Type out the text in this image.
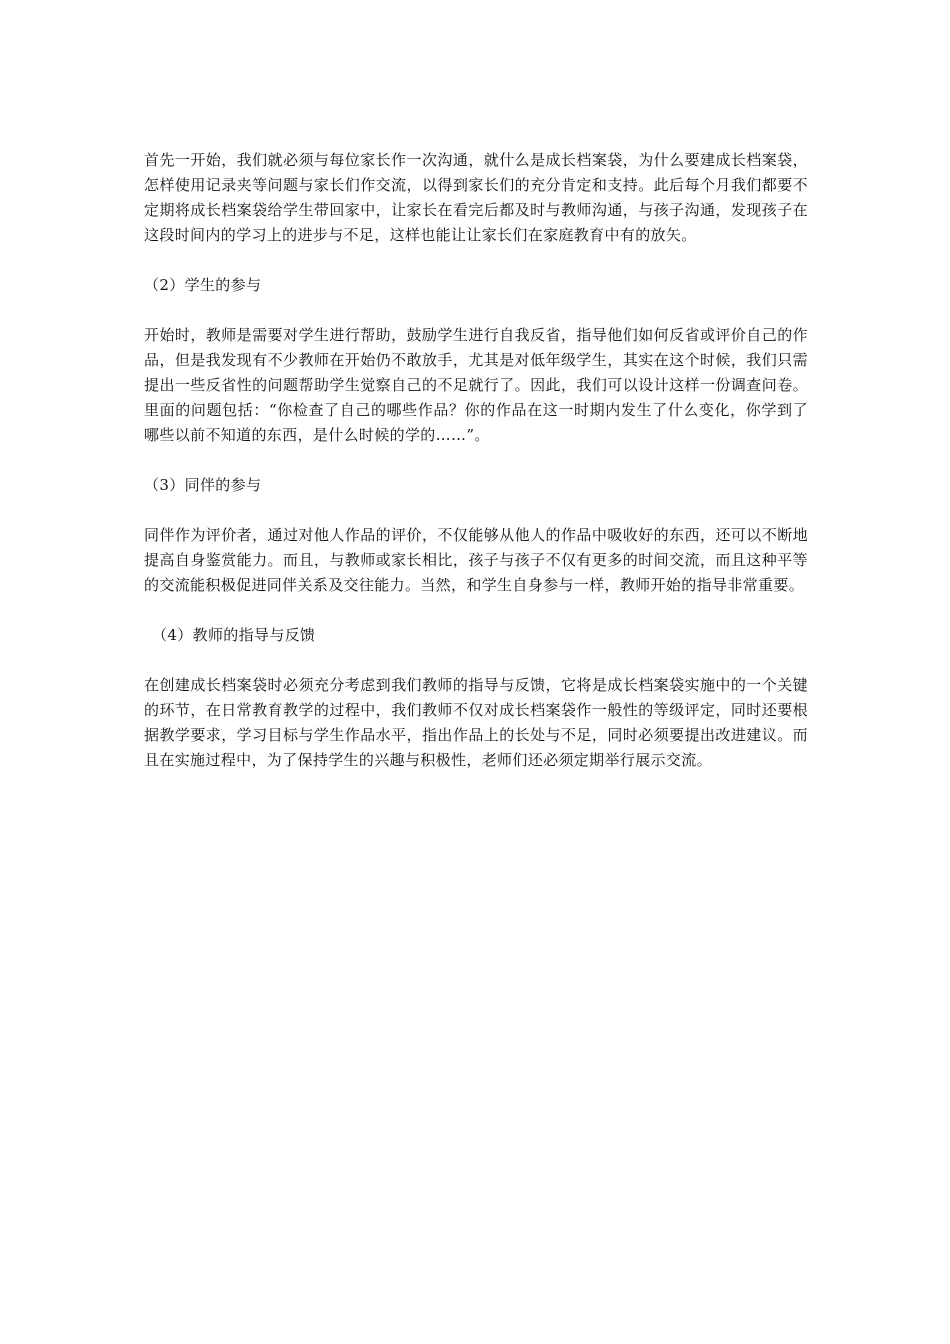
首先一开始，我们就必须与每位家长作一次沟通，就什么是成长档案袋，为什么要建成长档案袋，怎样使用记录夹等问题与家长们作交流，以得到家长们的充分肯定和支持。此后每个月我们都要不定期将成长档案袋给学生带回家中，让家长在看完后都及时与教师沟通，与孩子沟通，发现孩子在这段时间内的学习上的进步与不足，这样也能让让家长们在家庭教育中有的放矢。

（2）学生的参与

开始时，教师是需要对学生进行帮助，鼓励学生进行自我反省，指导他们如何反省或评价自己的作品，但是我发现有不少教师在开始仍不敢放手，尤其是对低年级学生，其实在这个时候，我们只需提出一些反省性的问题帮助学生觉察自己的不足就行了。因此，我们可以设计这样一份调查问卷。里面的问题包括：“你检查了自己的哪些作品？你的作品在这一时期内发生了什么变化，你学到了哪些以前不知道的东西，是什么时候的学的……”。

（3）同伴的参与

同伴作为评价者，通过对他人作品的评价，不仅能够从他人的作品中吸收好的东西，还可以不断地提高自身鉴赏能力。而且，与教师或家长相比，孩子与孩子不仅有更多的时间交流，而且这种平等的交流能积极促进同伴关系及交往能力。当然，和学生自身参与一样，教师开始的指导非常重要。

（4）教师的指导与反馈

在创建成长档案袋时必须充分考虑到我们教师的指导与反馈，它将是成长档案袋实施中的一个关键的环节，在日常教育教学的过程中，我们教师不仅对成长档案袋作一般性的等级评定，同时还要根据教学要求，学习目标与学生作品水平，指出作品上的长处与不足，同时必须要提出改进建议。而且在实施过程中，为了保持学生的兴趣与积极性，老师们还必须定期举行展示交流。
